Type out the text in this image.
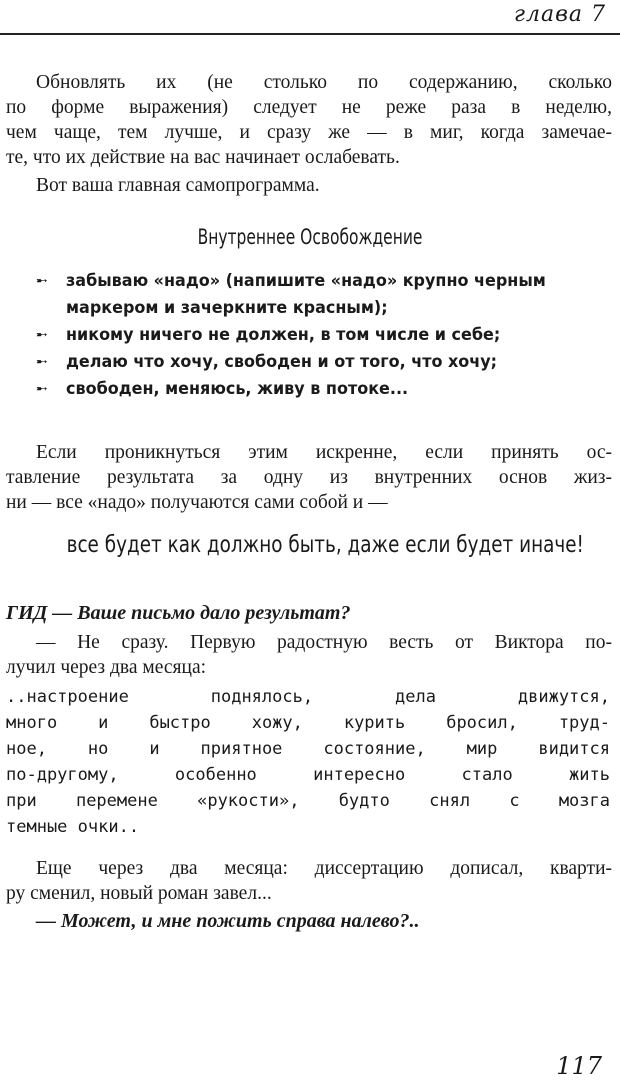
глава 7

Обновлять их (не столько по содержанию, сколько
по форме выражения) следует не реже раза в неделю,
чем чаще, тем лучше, и сразу же — в миг, когда замечае-
те, что их действие на вас начинает ослабевать.

Вот ваша главная самопрограмма.

Внутреннее Освобождение
➸	забываю «надо» (напишите «надо» крупно черным
маркером и зачеркните красным);
➸	никому ничего не должен, в том числе и себе;
➸	делаю что хочу, свободен и от того, что хочу;
➸	свободен, меняюсь, живу в потоке...

Если проникнуться этим искренне, если принять ос-
тавление результата за одну из внутренних основ жиз-
ни — все «надо» получаются сами собой и —

все будет как должно быть, даже если будет иначе!
ГИД — Ваше письмо дало результат?

— Не сразу. Первую радостную весть от Виктора по-
лучил через два месяца:

..настроение поднялось, дела движутся,
много и быстро хожу, курить бросил, труд-
ное, но и приятное состояние, мир видится
по-другому, особенно интересно стало жить
при перемене «рукости», будто снял с мозга
темные очки..

Еще через два месяца: диссертацию дописал, кварти-
ру сменил, новый роман завел...

— Может, и мне пожить справа налево?..
117
